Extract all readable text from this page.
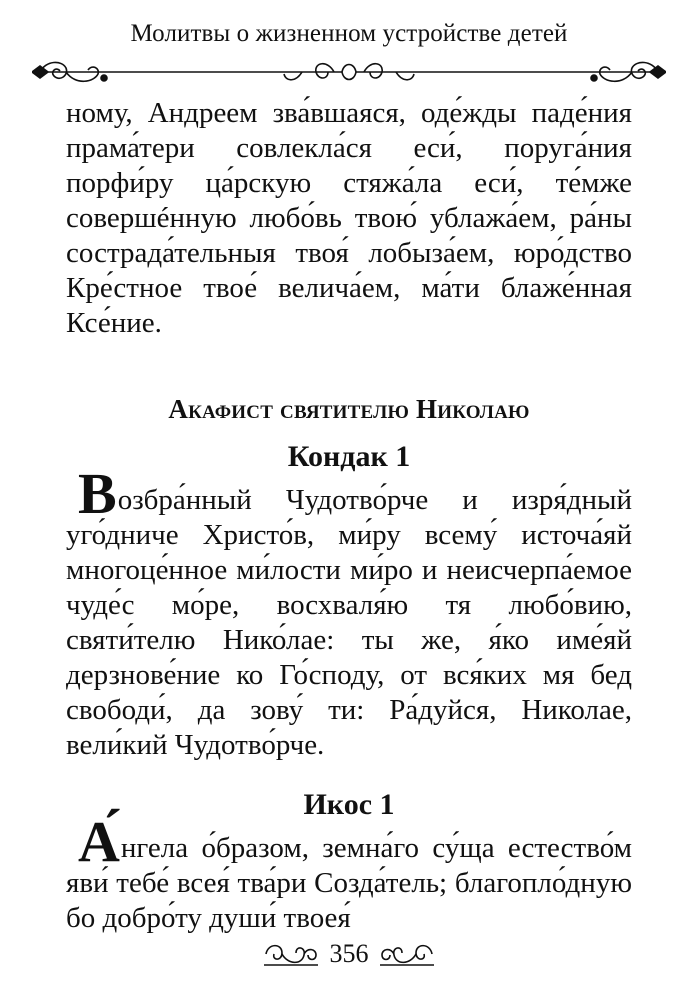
Молитвы о жизненном устройстве детей

ному, Андреем зва́вшаяся, оде́жды паде́ния прама́тери совлекла́ся еси́, поруга́ния порфи́ру ца́рскую стяжа́ла еси́, те́мже совершéнную любо́вь твою́ ублажа́ем, ра́ны сострада́тельныя твоя́ лобыза́ем, юро́дство Кре́стное твое́ велича́ем, ма́ти блаже́нная Ксе́ние.

Акафист святителю Николаю
Кондак 1

Возбра́нный Чудотво́рче и изря́дный уго́дниче Христо́в, ми́ру всему́ источа́яй многоце́нное ми́лости ми́ро и неисчерпа́емое чуде́с мо́ре, восхваля́ю тя любо́вию, святи́телю Нико́лае: ты же, я́ко име́яй дерзнове́ние ко Го́споду, от вся́ких мя бед свободи́, да зову́ ти: Ра́дуйся, Николае, вели́кий Чудотво́рче.

Икос 1

А́нгела о́бразом, земна́го су́ща естество́м яви́ тебе́ всея́ тва́ри Созда́тель; благопло́дную бо добро́ту души́ твоея́

356
